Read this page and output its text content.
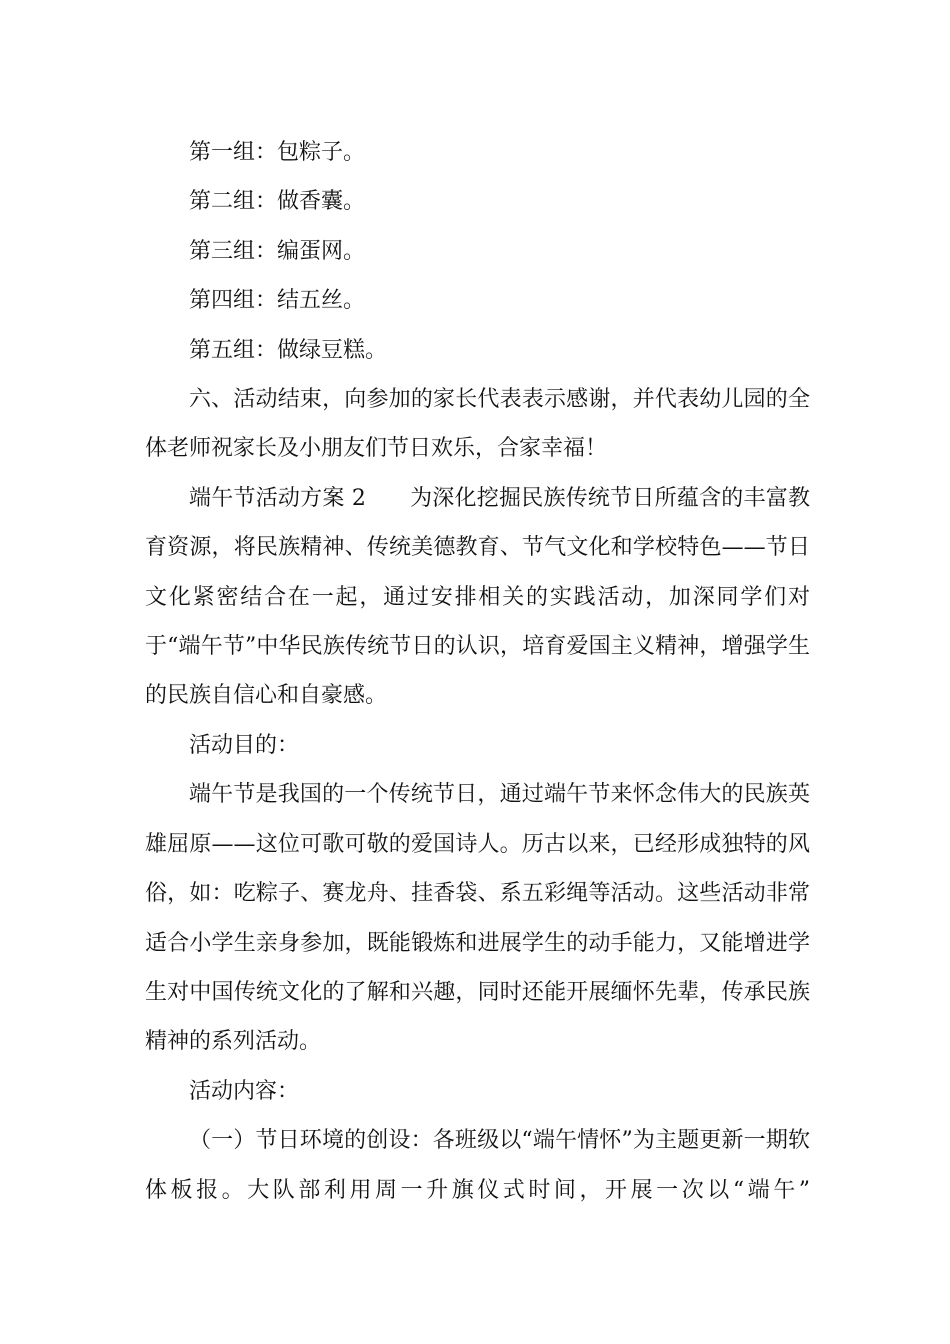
第一组：包粽子。

第二组：做香囊。

第三组：编蛋网。

第四组：结五丝。

第五组：做绿豆糕。

六、活动结束，向参加的家长代表表示感谢，并代表幼儿园的全体老师祝家长及小朋友们节日欢乐，合家幸福！

端午节活动方案 2 为深化挖掘民族传统节日所蕴含的丰富教育资源，将民族精神、传统美德教育、节气文化和学校特色——节日文化紧密结合在一起，通过安排相关的实践活动，加深同学们对于“端午节”中华民族传统节日的认识，培育爱国主义精神，增强学生的民族自信心和自豪感。

活动目的：

端午节是我国的一个传统节日，通过端午节来怀念伟大的民族英雄屈原——这位可歌可敬的爱国诗人。历古以来，已经形成独特的风俗，如：吃粽子、赛龙舟、挂香袋、系五彩绳等活动。这些活动非常适合小学生亲身参加，既能锻炼和进展学生的动手能力，又能增进学生对中国传统文化的了解和兴趣，同时还能开展缅怀先辈，传承民族精神的系列活动。

活动内容：

（一）节日环境的创设：各班级以“端午情怀”为主题更新一期软体板报。大队部利用周一升旗仪式时间，开展一次以“端午”
